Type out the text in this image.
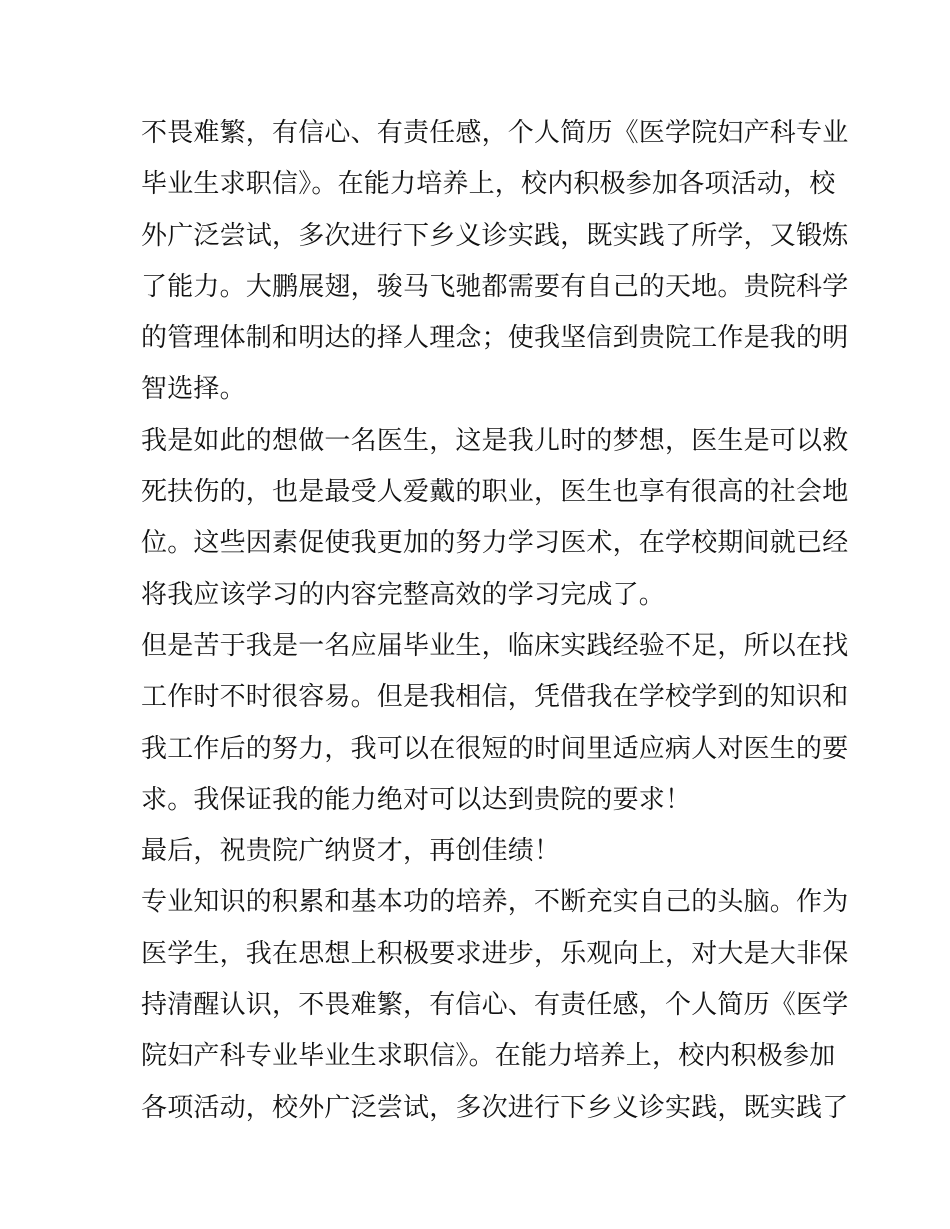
不畏难繁，有信心、有责任感，个人简历《医学院妇产科专业
毕业生求职信》。在能力培养上，校内积极参加各项活动，校
外广泛尝试，多次进行下乡义诊实践，既实践了所学，又锻炼
了能力。大鹏展翅，骏马飞驰都需要有自己的天地。贵院科学
的管理体制和明达的择人理念；使我坚信到贵院工作是我的明
智选择。
我是如此的想做一名医生，这是我儿时的梦想，医生是可以救
死扶伤的，也是最受人爱戴的职业，医生也享有很高的社会地
位。这些因素促使我更加的努力学习医术，在学校期间就已经
将我应该学习的内容完整高效的学习完成了。
但是苦于我是一名应届毕业生，临床实践经验不足，所以在找
工作时不时很容易。但是我相信，凭借我在学校学到的知识和
我工作后的努力，我可以在很短的时间里适应病人对医生的要
求。我保证我的能力绝对可以达到贵院的要求！
最后，祝贵院广纳贤才，再创佳绩！
专业知识的积累和基本功的培养，不断充实自己的头脑。作为
医学生，我在思想上积极要求进步，乐观向上，对大是大非保
持清醒认识，不畏难繁，有信心、有责任感，个人简历《医学
院妇产科专业毕业生求职信》。在能力培养上，校内积极参加
各项活动，校外广泛尝试，多次进行下乡义诊实践，既实践了
